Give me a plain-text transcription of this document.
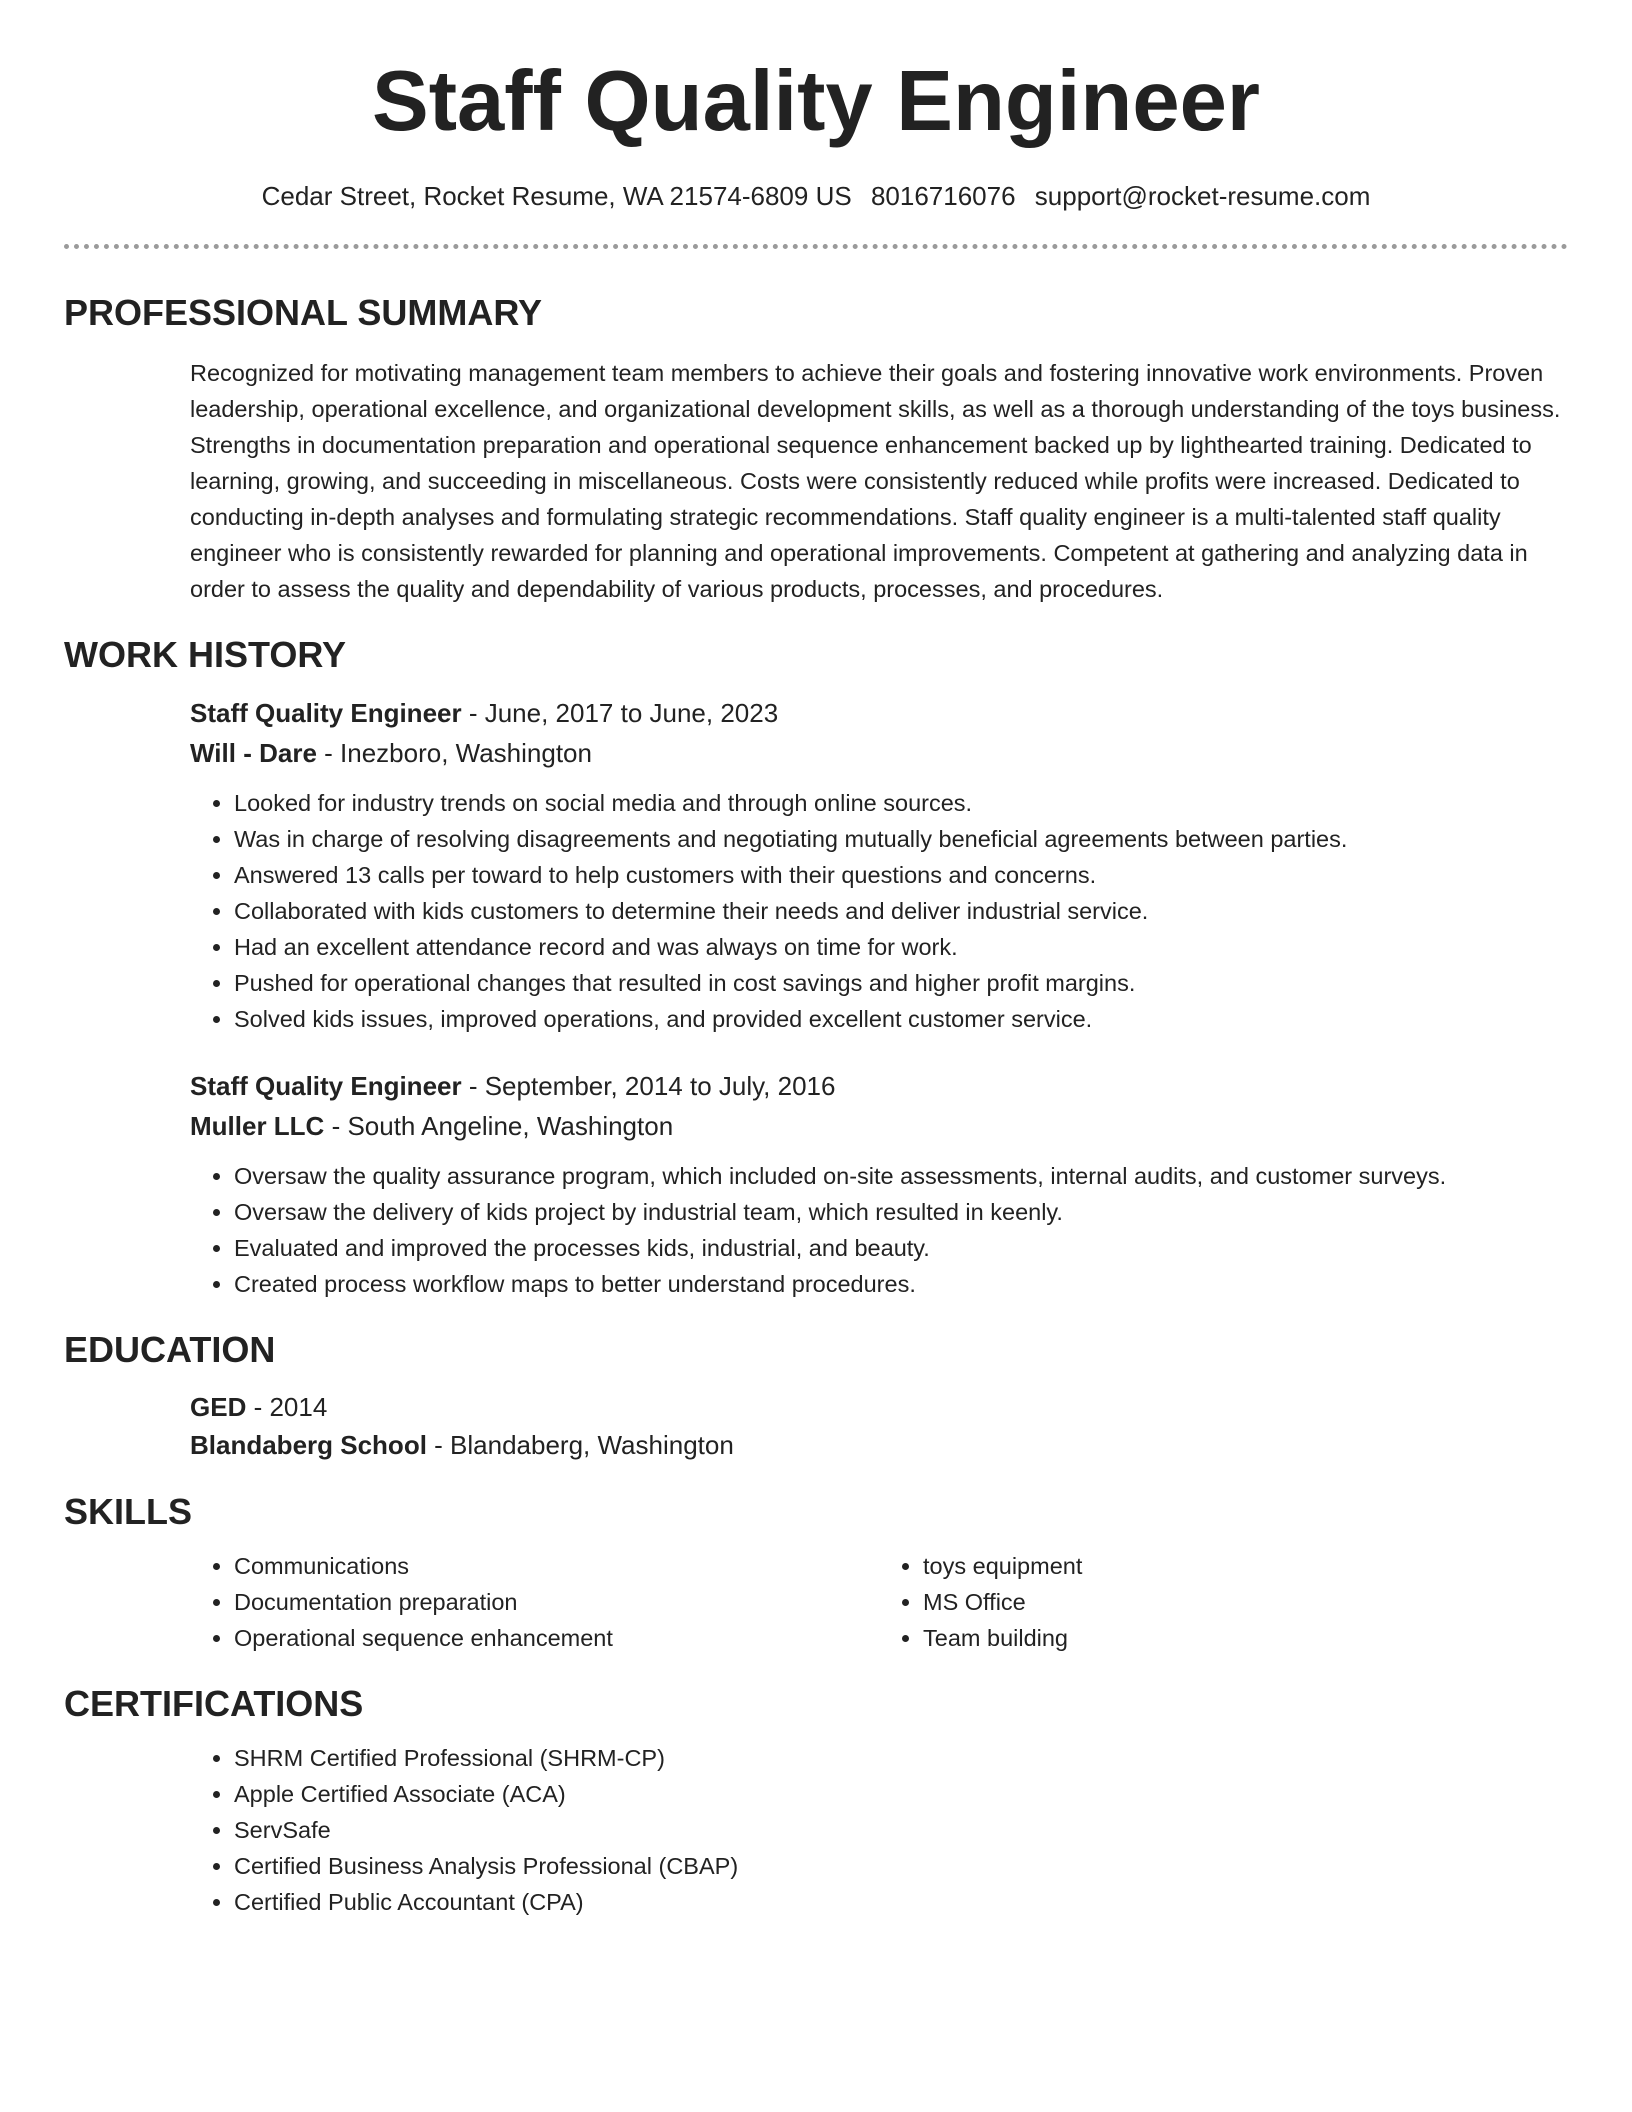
Staff Quality Engineer
Cedar Street, Rocket Resume, WA 21574-6809 US 8016716076 support@rocket-resume.com
PROFESSIONAL SUMMARY
Recognized for motivating management team members to achieve their goals and fostering innovative work environments. Proven leadership, operational excellence, and organizational development skills, as well as a thorough understanding of the toys business. Strengths in documentation preparation and operational sequence enhancement backed up by lighthearted training. Dedicated to learning, growing, and succeeding in miscellaneous. Costs were consistently reduced while profits were increased. Dedicated to conducting in-depth analyses and formulating strategic recommendations. Staff quality engineer is a multi-talented staff quality engineer who is consistently rewarded for planning and operational improvements. Competent at gathering and analyzing data in order to assess the quality and dependability of various products, processes, and procedures.
WORK HISTORY
Staff Quality Engineer - June, 2017 to June, 2023
Will - Dare - Inezboro, Washington
• Looked for industry trends on social media and through online sources.
• Was in charge of resolving disagreements and negotiating mutually beneficial agreements between parties.
• Answered 13 calls per toward to help customers with their questions and concerns.
• Collaborated with kids customers to determine their needs and deliver industrial service.
• Had an excellent attendance record and was always on time for work.
• Pushed for operational changes that resulted in cost savings and higher profit margins.
• Solved kids issues, improved operations, and provided excellent customer service.
Staff Quality Engineer - September, 2014 to July, 2016
Muller LLC - South Angeline, Washington
• Oversaw the quality assurance program, which included on-site assessments, internal audits, and customer surveys.
• Oversaw the delivery of kids project by industrial team, which resulted in keenly.
• Evaluated and improved the processes kids, industrial, and beauty.
• Created process workflow maps to better understand procedures.
EDUCATION
GED - 2014
Blandaberg School - Blandaberg, Washington
SKILLS
• Communications
• Documentation preparation
• Operational sequence enhancement
• toys equipment
• MS Office
• Team building
CERTIFICATIONS
• SHRM Certified Professional (SHRM-CP)
• Apple Certified Associate (ACA)
• ServSafe
• Certified Business Analysis Professional (CBAP)
• Certified Public Accountant (CPA)
